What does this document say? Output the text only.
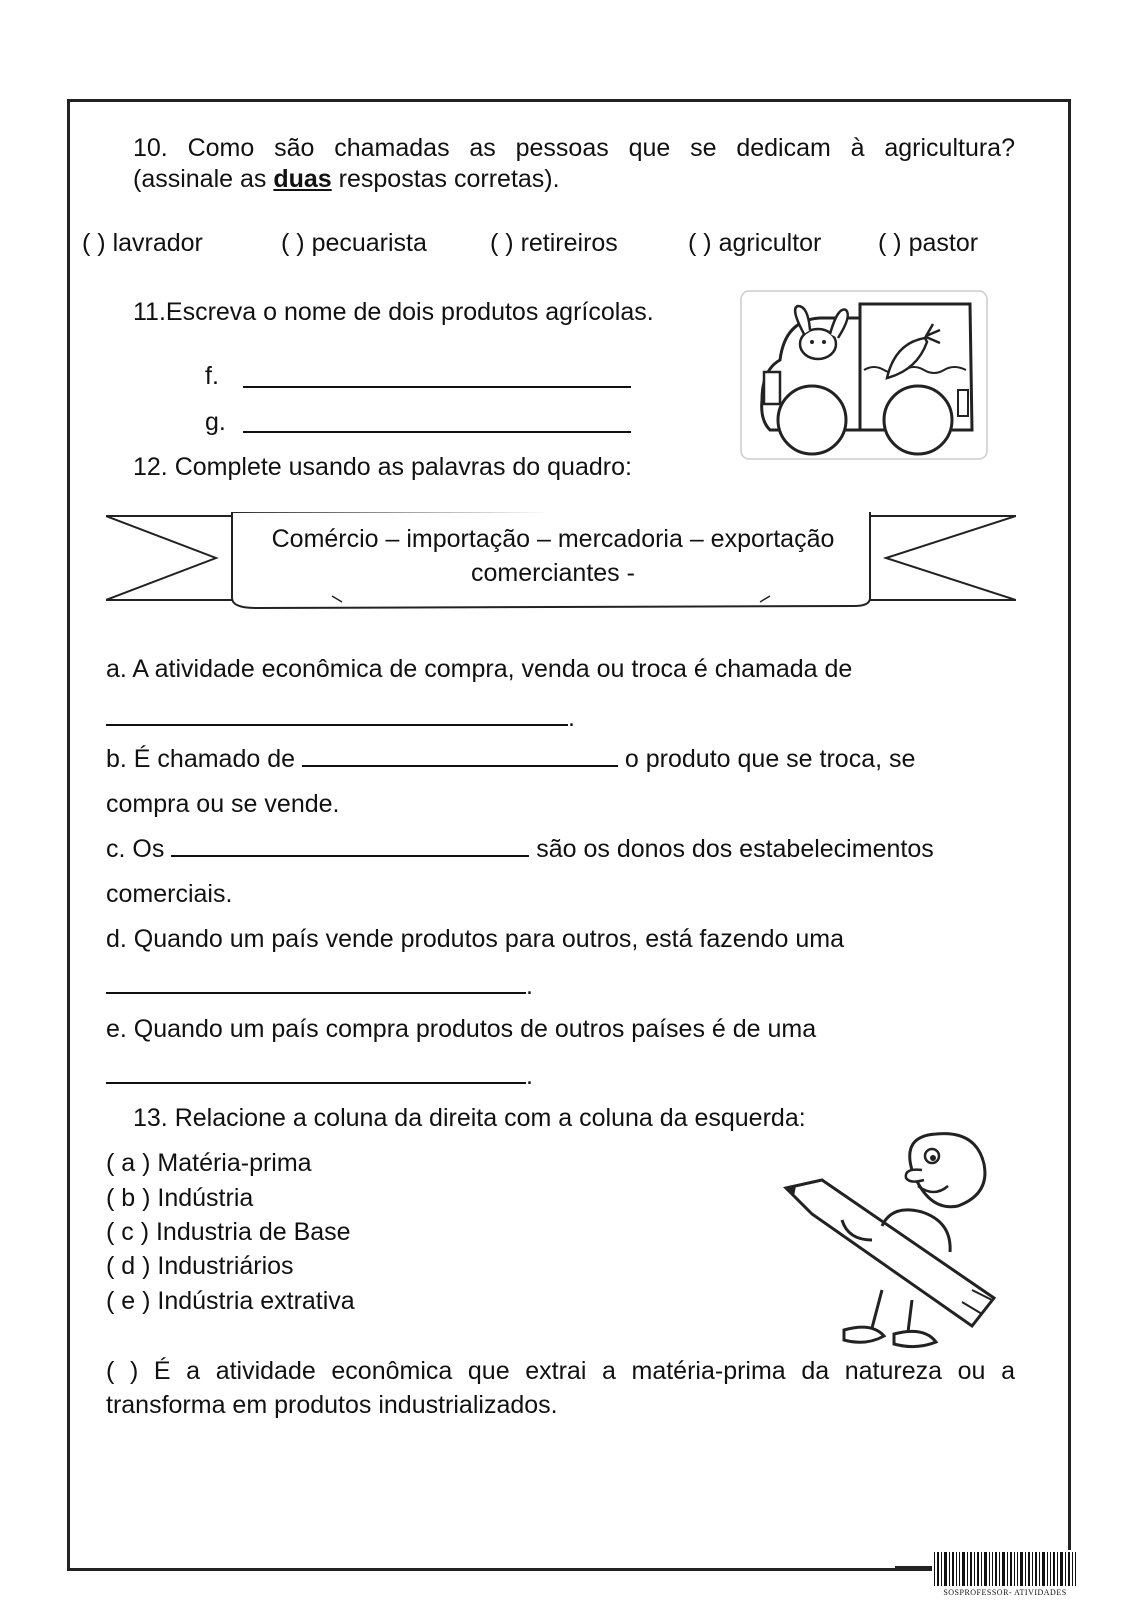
10. Como são chamadas as pessoas que se dedicam à agricultura?
(assinale as duas respostas corretas).
( ) lavrador	( ) pecuarista	( ) retireiros	( ) agricultor ( ) pastor
11.Escreva o nome de dois produtos agrícolas.
f.
g.
12. Complete usando as palavras do quadro:
Comércio – importação – mercadoria – exportação
comerciantes -
a. A atividade econômica de compra, venda ou troca é chamada de
.
b. É chamado de	o produto que se troca, se
compra ou se vende.
c. Os	são os donos dos estabelecimentos
comerciais.
d. Quando um país vende produtos para outros, está fazendo uma
.
e. Quando um país compra produtos de outros países é de uma
.
13. Relacione a coluna da direita com a coluna da esquerda:
( a ) Matéria-prima
( b ) Indústria
( c ) Industria de Base
( d ) Industriários
( e ) Indústria extrativa
( ) É a atividade econômica que extrai a matéria-prima da natureza ou a
transforma em produtos industrializados.
SOSPROFESSOR- ATIVIDADES
